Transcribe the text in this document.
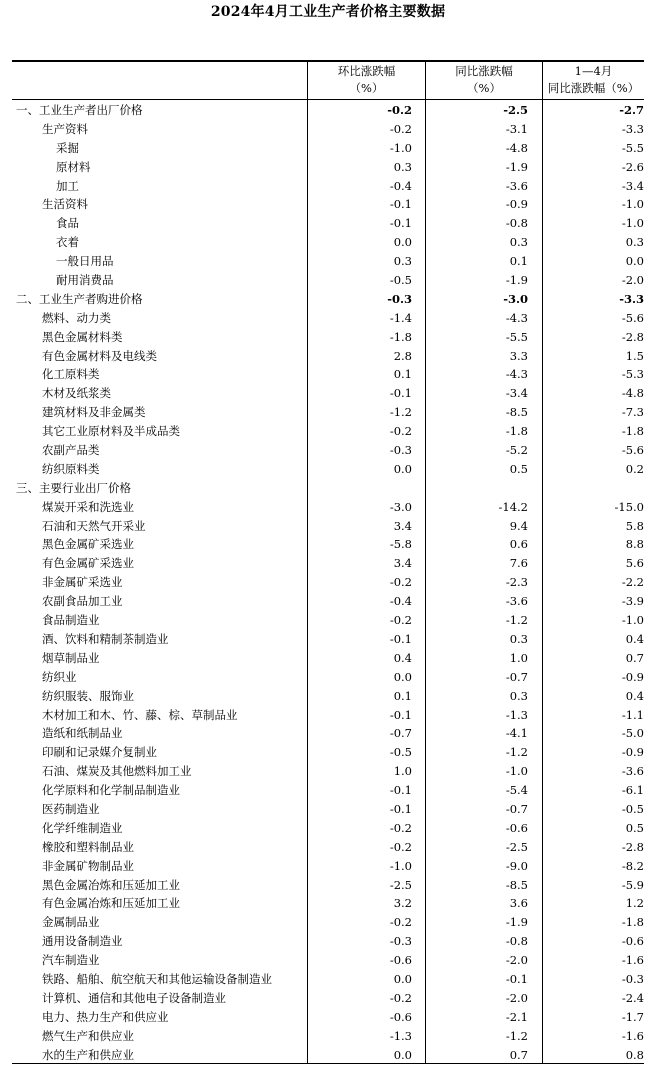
2024年4月工业生产者价格主要数据
环比涨跌幅
（%）
同比涨跌幅
（%）
1—4月
同比涨跌幅（%）
一、工业生产者出厂价格	-0.2	-2.5	-2.7
生产资料	-0.2	-3.1	-3.3
采掘	-1.0	-4.8	-5.5
原材料	0.3	-1.9	-2.6
加工	-0.4	-3.6	-3.4
生活资料	-0.1	-0.9	-1.0
食品	-0.1	-0.8	-1.0
衣着	0.0	0.3	0.3
一般日用品	0.3	0.1	0.0
耐用消费品	-0.5	-1.9	-2.0
二、工业生产者购进价格	-0.3	-3.0	-3.3
燃料、动力类	-1.4	-4.3	-5.6
黑色金属材料类	-1.8	-5.5	-2.8
有色金属材料及电线类	2.8	3.3	1.5
化工原料类	0.1	-4.3	-5.3
木材及纸浆类	-0.1	-3.4	-4.8
建筑材料及非金属类	-1.2	-8.5	-7.3
其它工业原材料及半成品类	-0.2	-1.8	-1.8
农副产品类	-0.3	-5.2	-5.6
纺织原料类	0.0	0.5	0.2
三、主要行业出厂价格
煤炭开采和洗选业	-3.0	-14.2	-15.0
石油和天然气开采业	3.4	9.4	5.8
黑色金属矿采选业	-5.8	0.6	8.8
有色金属矿采选业	3.4	7.6	5.6
非金属矿采选业	-0.2	-2.3	-2.2
农副食品加工业	-0.4	-3.6	-3.9
食品制造业	-0.2	-1.2	-1.0
酒、饮料和精制茶制造业	-0.1	0.3	0.4
烟草制品业	0.4	1.0	0.7
纺织业	0.0	-0.7	-0.9
纺织服装、服饰业	0.1	0.3	0.4
木材加工和木、竹、藤、棕、草制品业	-0.1	-1.3	-1.1
造纸和纸制品业	-0.7	-4.1	-5.0
印刷和记录媒介复制业	-0.5	-1.2	-0.9
石油、煤炭及其他燃料加工业	1.0	-1.0	-3.6
化学原料和化学制品制造业	-0.1	-5.4	-6.1
医药制造业	-0.1	-0.7	-0.5
化学纤维制造业	-0.2	-0.6	0.5
橡胶和塑料制品业	-0.2	-2.5	-2.8
非金属矿物制品业	-1.0	-9.0	-8.2
黑色金属冶炼和压延加工业	-2.5	-8.5	-5.9
有色金属冶炼和压延加工业	3.2	3.6	1.2
金属制品业	-0.2	-1.9	-1.8
通用设备制造业	-0.3	-0.8	-0.6
汽车制造业	-0.6	-2.0	-1.6
铁路、船舶、航空航天和其他运输设备制造业	0.0	-0.1	-0.3
计算机、通信和其他电子设备制造业	-0.2	-2.0	-2.4
电力、热力生产和供应业	-0.6	-2.1	-1.7
燃气生产和供应业	-1.3	-1.2	-1.6
水的生产和供应业	0.0	0.7	0.8
